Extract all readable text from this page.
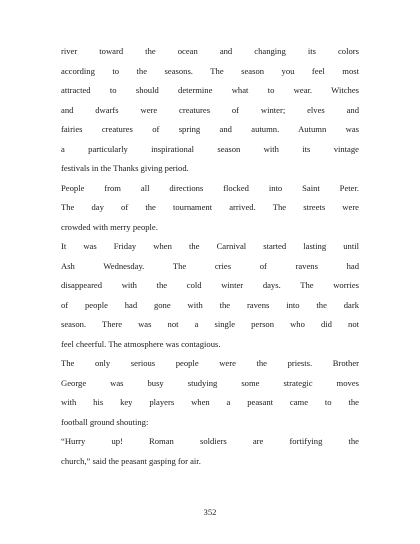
river toward the ocean and changing its colors
according to the seasons. The season you feel most
attracted to should determine what to wear. Witches
and dwarfs were creatures of winter; elves and
fairies creatures of spring and autumn. Autumn was
a particularly inspirational season with its vintage
festivals in the Thanks giving period.
People from all directions flocked into Saint Peter.
The day of the tournament arrived. The streets were
crowded with merry people.
It was Friday when the Carnival started lasting until
Ash Wednesday. The cries of ravens had
disappeared with the cold winter days. The worries
of people had gone with the ravens into the dark
season. There was not a single person who did not
feel cheerful. The atmosphere was contagious.
The only serious people were the priests. Brother
George was busy studying some strategic moves
with his key players when a peasant came to the
football ground shouting:
“Hurry up! Roman soldiers are fortifying the
church,” said the peasant gasping for air.
352
